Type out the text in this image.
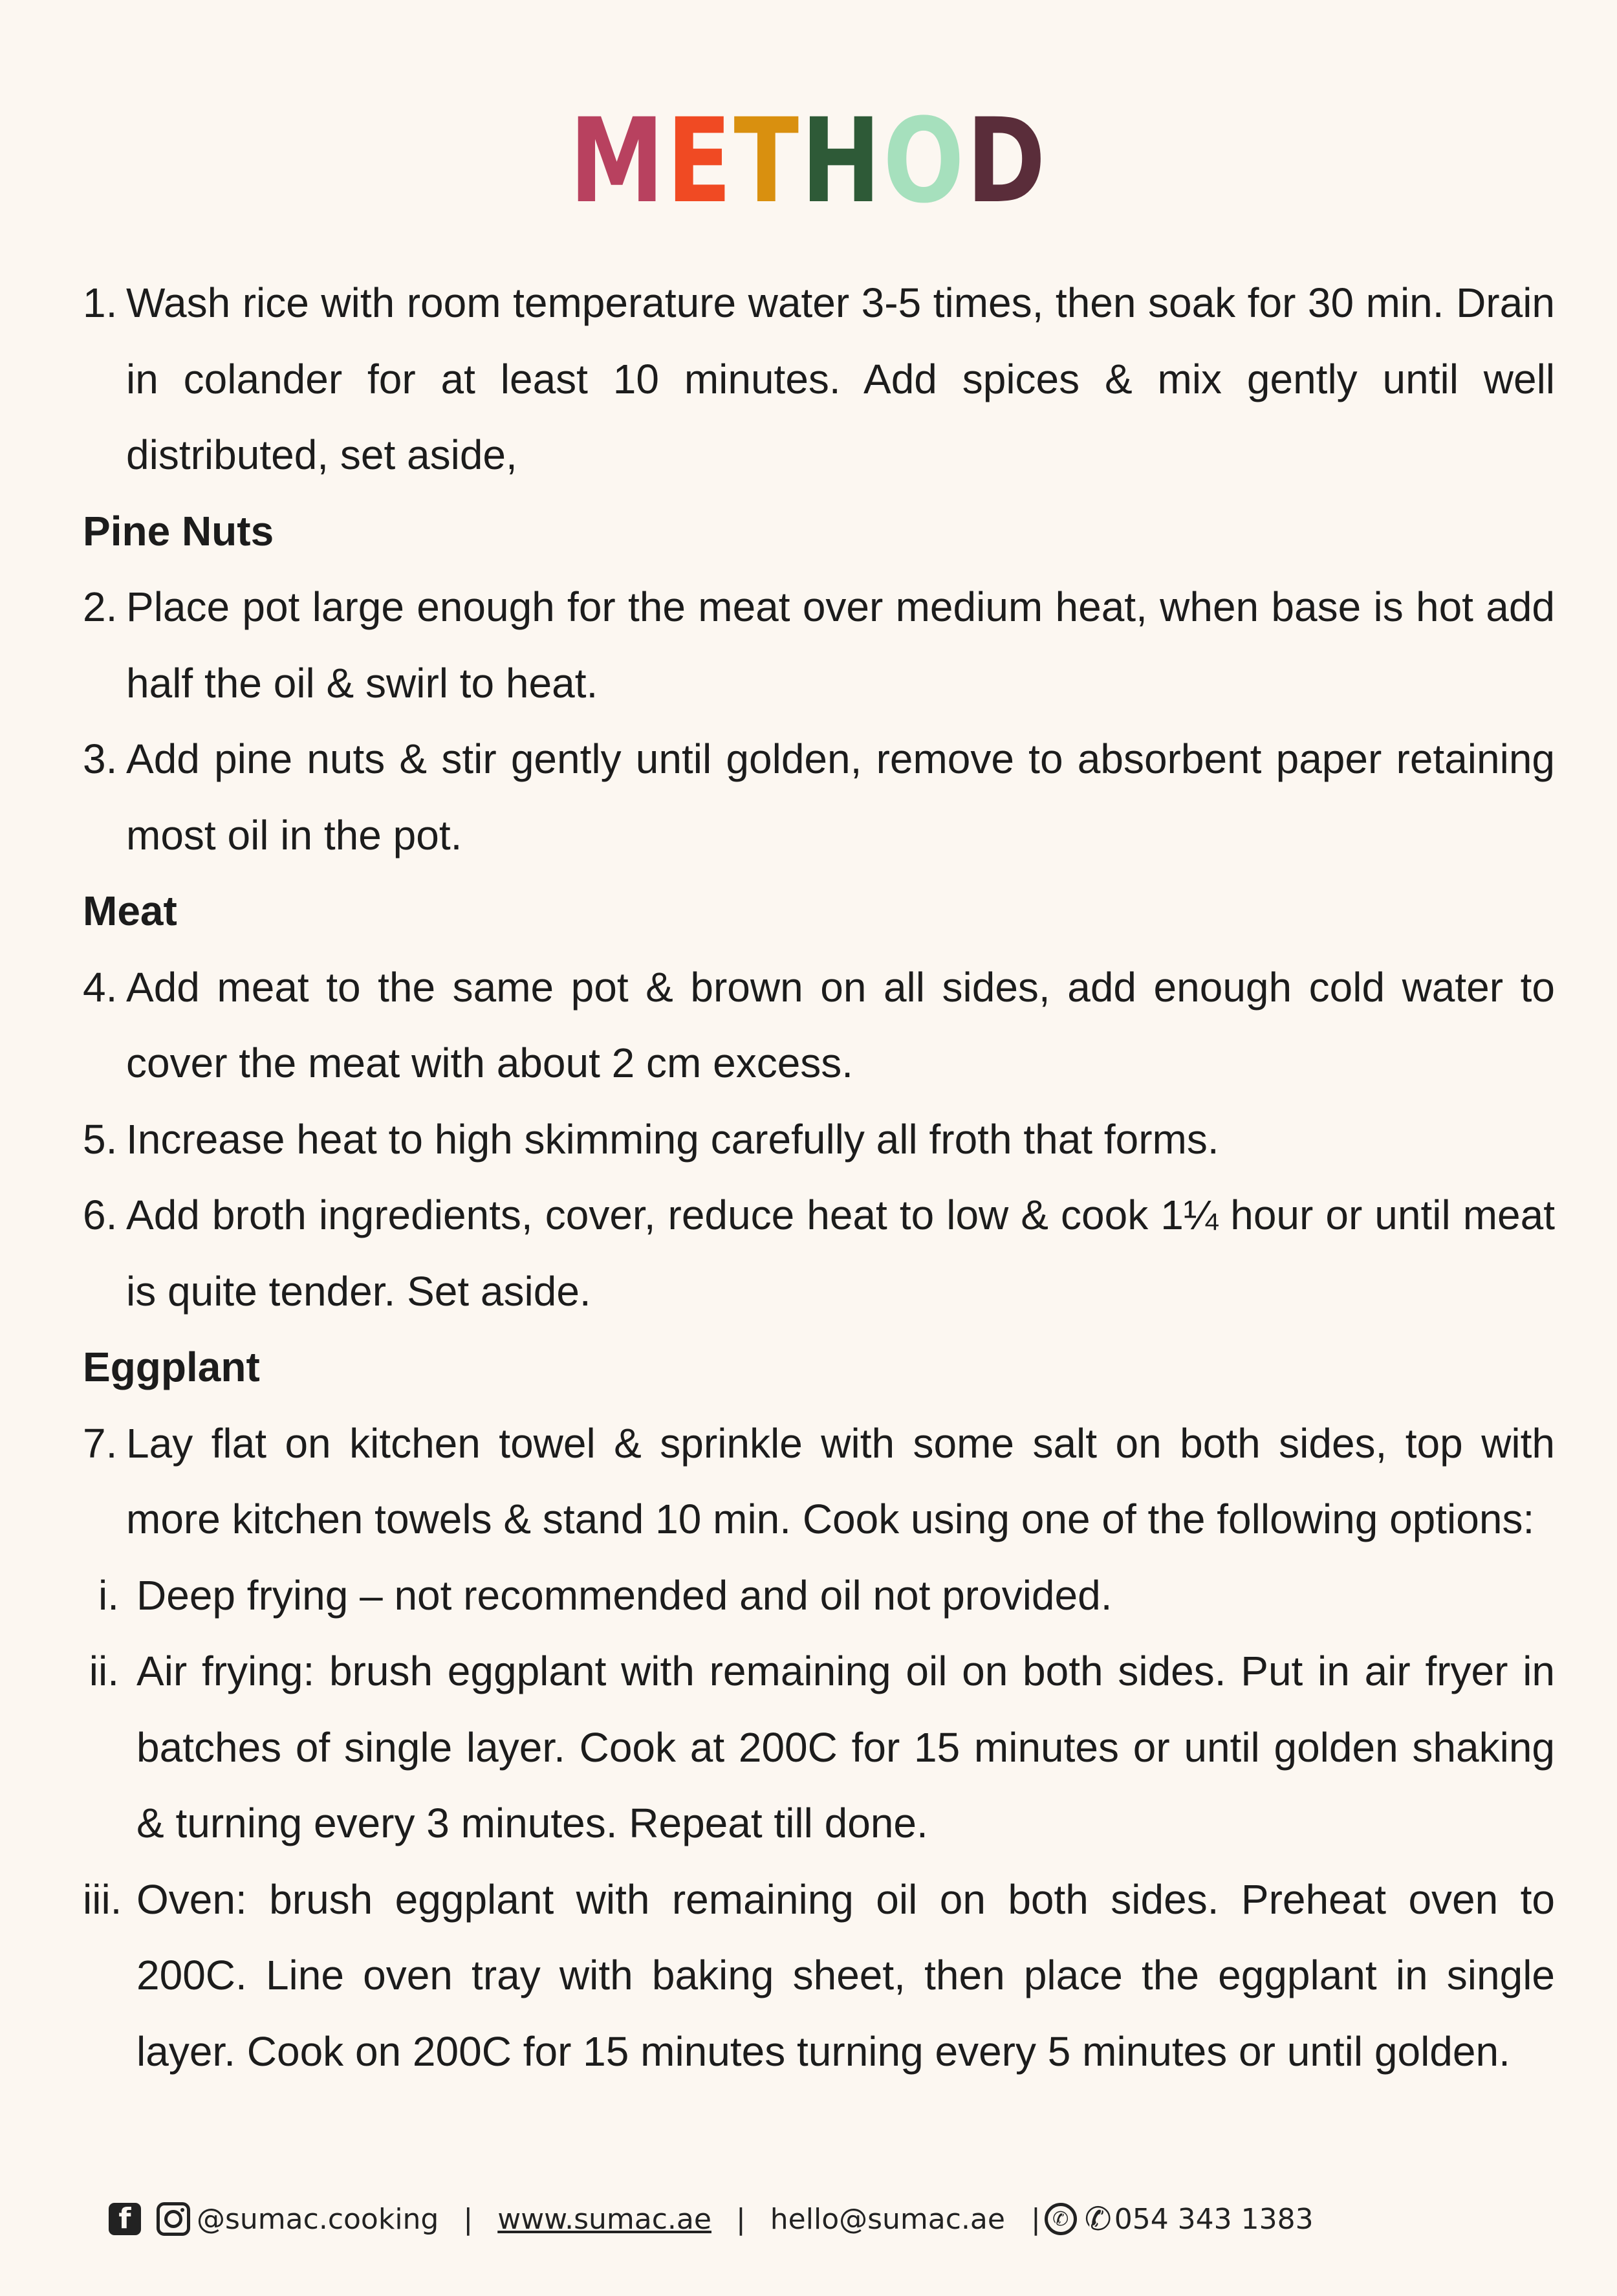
METHOD
1. Wash rice with room temperature water 3-5 times, then soak for 30 min. Drain in colander for at least 10 minutes. Add spices & mix gently until well distributed, set aside,
Pine Nuts
2. Place pot large enough for the meat over medium heat, when base is hot add half the oil & swirl to heat.
3. Add pine nuts & stir gently until golden, remove to absorbent paper retaining most oil in the pot.
Meat
4. Add meat to the same pot & brown on all sides, add enough cold water to cover the meat with about 2 cm excess.
5. Increase heat to high skimming carefully all froth that forms.
6. Add broth ingredients, cover, reduce heat to low & cook 1¼ hour or until meat is quite tender. Set aside.
Eggplant
7. Lay flat on kitchen towel & sprinkle with some salt on both sides, top with more kitchen towels & stand 10 min. Cook using one of the following options:
i. Deep frying – not recommended and oil not provided.
ii. Air frying: brush eggplant with remaining oil on both sides. Put in air fryer in batches of single layer. Cook at 200C for 15 minutes or until golden shaking & turning every 3 minutes. Repeat till done.
iii. Oven: brush eggplant with remaining oil on both sides. Preheat oven to 200C. Line oven tray with baking sheet, then place the eggplant in single layer. Cook on 200C for 15 minutes turning every 5 minutes or until golden.
f	@sumac.cooking | www.sumac.ae | hello@sumac.ae | ✆ ✆ 054 343 1383
